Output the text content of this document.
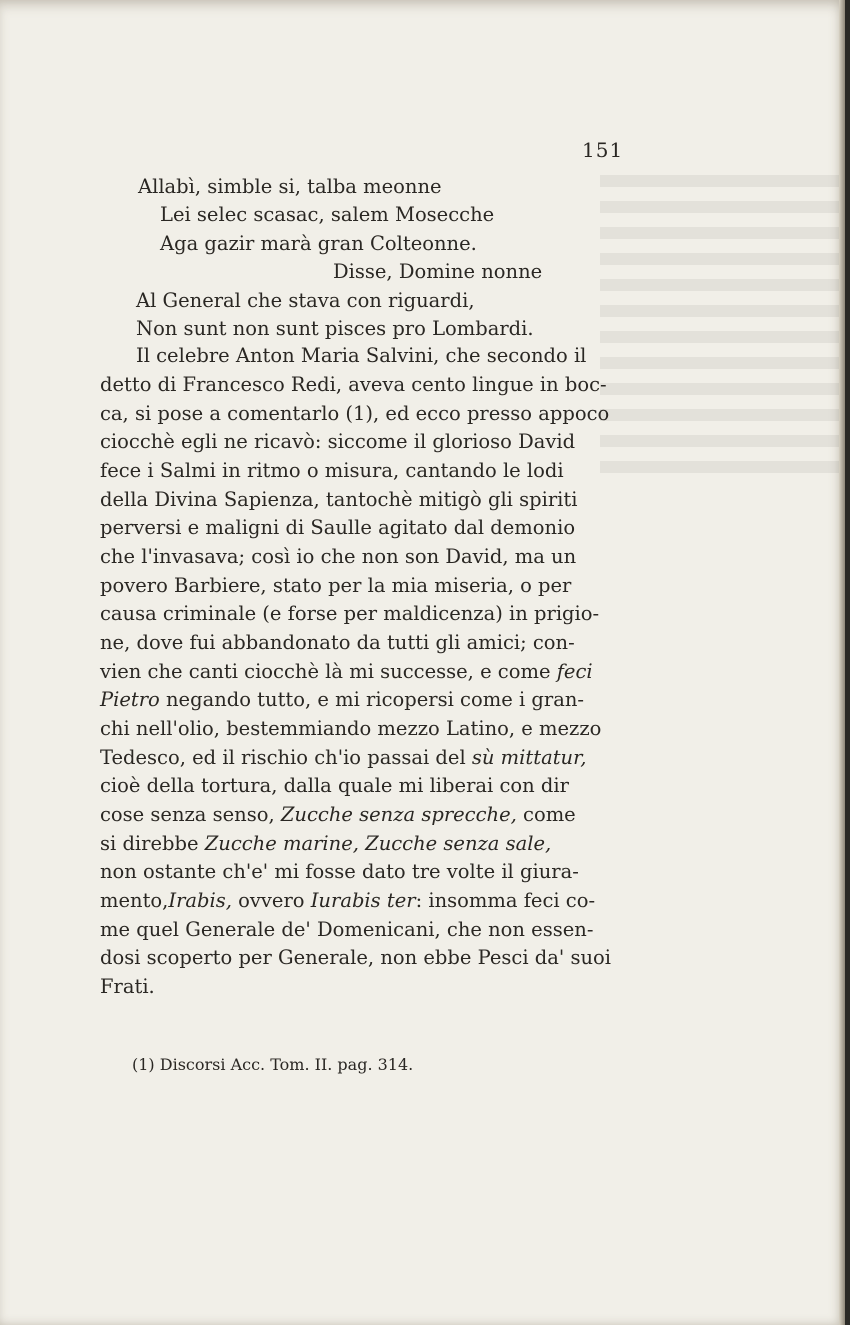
151
Allabì, simble si, talba meonne
Lei selec scasac, salem Mosecche
Aga gazir marà gran Colteonne.
Disse, Domine nonne
Al General che stava con riguardi,
Non sunt non sunt pisces pro Lombardi.
Il celebre Anton Maria Salvini, che secondo il
detto di Francesco Redi, aveva cento lingue in boc-
ca, si pose a comentarlo (1), ed ecco presso appoco
ciocchè egli ne ricavò: siccome il glorioso David
fece i Salmi in ritmo o misura, cantando le lodi
della Divina Sapienza, tantochè mitigò gli spiriti
perversi e maligni di Saulle agitato dal demonio
che l'invasava; così io che non son David, ma un
povero Barbiere, stato per la mia miseria, o per
causa criminale (e forse per maldicenza) in prigio-
ne, dove fui abbandonato da tutti gli amici; con-
vien che canti ciocchè là mi successe, e come feci
Pietro negando tutto, e mi ricopersi come i gran-
chi nell'olio, bestemmiando mezzo Latino, e mezzo
Tedesco, ed il rischio ch'io passai del sù mittatur,
cioè della tortura, dalla quale mi liberai con dir
cose senza senso, Zucche senza sprecche, come
si direbbe Zucche marine, Zucche senza sale,
non ostante ch'e' mi fosse dato tre volte il giura-
mento,Irabis, ovvero Iurabis ter: insomma feci co-
me quel Generale de' Domenicani, che non essen-
dosi scoperto per Generale, non ebbe Pesci da' suoi
Frati.
(1) Discorsi Acc. Tom. II. pag. 314.
